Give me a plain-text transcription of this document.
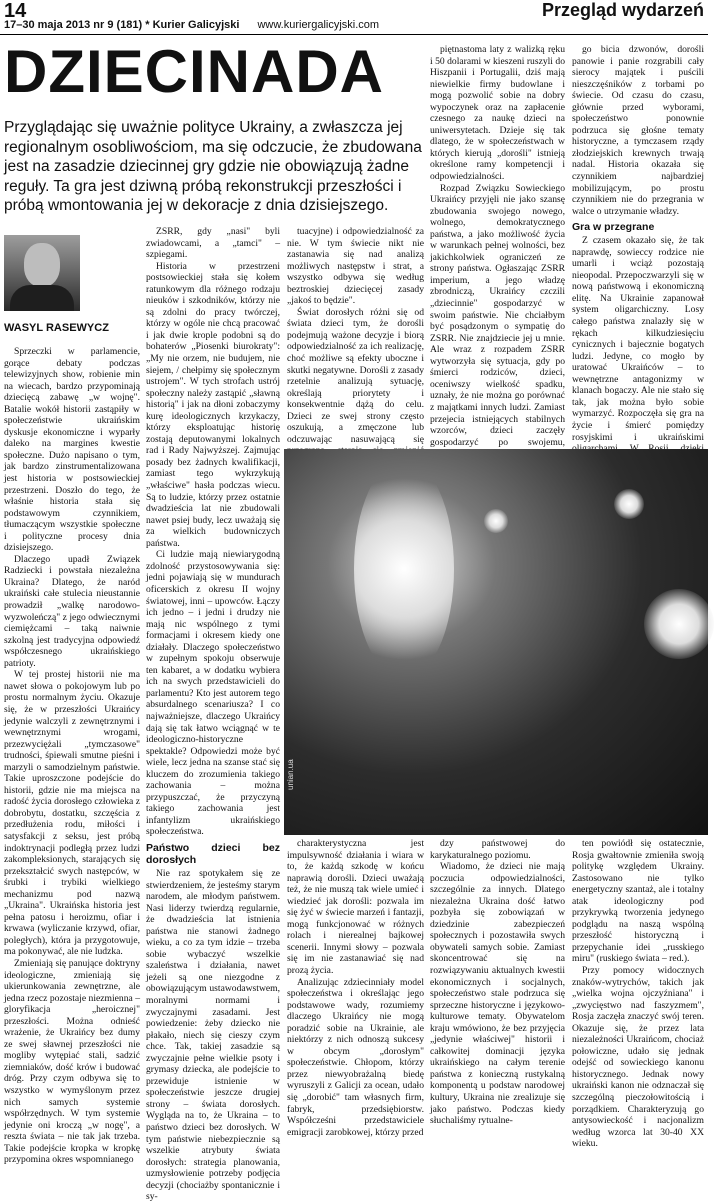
14
17–30 maja 2013 nr 9 (181) * Kurier Galicyjski www.kuriergalicyjski.com
Przegląd wydarzeń
DZIECINADA
Przyglądając się uważnie polityce Ukrainy, a zwłaszcza jej regionalnym osobliwościom, ma się odczucie, że zbudowana jest na zasadzie dziecinnej gry gdzie nie obowiązują żadne reguły. Ta gra jest dziwną próbą rekonstrukcji przeszłości i próbą wmontowania jej w dekoracje z dnia dzisiejszego.
WASYL RASEWYCZ

Sprzeczki w parlamencie, gorące debaty podczas telewizyjnych show, robienie min na wiecach, bardzo przypominają dziecięcą zabawę „w wojnę". Batalie wokół historii zastąpiły w społeczeństwie ukraińskim dyskusje ekonomiczne i wyparły daleko na margines kwestie społeczne. Dużo napisano o tym, jak bardzo zinstrumentalizowana jest historia w postsowieckiej przestrzeni. Doszło do tego, że właśnie historia stała się podstawowym czynnikiem, tłumaczącym wszystkie społeczne i polityczne procesy dnia dzisiejszego.

Dlaczego upadł Związek Radziecki i powstała niezależna Ukraina? Dlatego, że naród ukraiński całe stulecia nieustannie prowadził „walkę narodowo-wyzwoleńczą" z jego odwiecznymi ciemiężcami – taką naiwnie szkolną jest tradycyjna odpowiedź współczesnego ukraińskiego patrioty.

W tej prostej historii nie ma nawet słowa o pokojowym lub po prostu normalnym życiu. Okazuje się, że w przeszłości Ukraińcy jedynie walczyli z zewnętrznymi i wewnętrznymi wrogami, przezwyciężali „tymczasowe" trudności, śpiewali smutne pieśni i marzyli o samodzielnym państwie. Takie uproszczone podejście do historii, gdzie nie ma miejsca na radość życia dorosłego człowieka z dobrobytu, dostatku, szczęścia z przedłużenia rodu, miłości i satysfakcji z seksu, jest próbą indoktrynacji podległą przez ludzi zakompleksionych, starających się przekształcić swych następców, w śrubki i trybiki wielkiego mechanizmu pod nazwą „Ukraina". Ukraińska historia jest pełna patosu i heroizmu, ofiar i krwawa (wyliczanie krzywd, ofiar, poległych), która ja przygotowuje, ma pokonywać, ale nie ludzka.

Zmieniają się panujące doktryny ideologiczne, zmieniają się ukierunkowania zewnętrzne, ale jedna rzecz pozostaje niezmienna – gloryfikacja „heroicznej" przeszłości. Można odnieść wrażenie, że Ukraińcy bez dumy ze swej sławnej przeszłości nie mogliby wytępiać stali, sadzić ziemniaków, dość krów i budować dróg. Przy czym odbywa się to wszystko w wymyślonym przez nich samych systemie współrzędnych. W tym systemie jedynie oni kroczą „w nogę", a reszta świata – nie tak jak trzeba. Takie podejście kropka w kropkę przypomina okres wspomnianego

ZSRR, gdy „nasi" byli zwiadowcami, a „tamci" – szpiegami.

Historia w przestrzeni postsowieckiej stała się kołem ratunkowym dla różnego rodzaju nieuków i szkodników, którzy nie są zdolni do pracy twórczej, którzy w ogóle nie chcą pracować i jak dwie krople podobni są do bohaterów „Piosenki biurokraty": „My nie orzem, nie budujem, nie siejem, / chełpimy się społecznym ustrojem". W tych strofach ustrój społeczny należy zastąpić „sławną historią" i jak na dłoni zobaczymy kurę ideologicznych krzykaczy, którzy eksploatując historię zostają deputowanymi lokalnych rad i Rady Najwyższej. Zajmując posady bez żadnych kwalifikacji, zamiast tego wykrzykują „właściwe" hasła podczas wiecu. Są to ludzie, którzy przez ostatnie dwadzieścia lat nie zbudowali nawet psiej budy, lecz uważają się za wielkich budowniczych państwa.

Ci ludzie mają niewiarygodną zdolność przystosowywania się: jedni pojawiają się w mundurach oficerskich z okresu II wojny światowej, inni – upowców. Łączy ich jedno – i jedni i drudzy nie mają nic wspólnego z tymi formacjami i okresem kiedy one działały. Dlaczego społeczeństwo w zupełnym spokoju obserwuje ten kabaret, a w dodatku wybiera ich na swych przedstawicieli do parlamentu? Kto jest autorem tego absurdalnego scenariusza? I co najważniejsze, dlaczego Ukraińcy dają się tak łatwo wciągnąć w te ideologiczno-historyczne spektakle? Odpowiedzi może być wiele, lecz jedna na szanse stać się kluczem do zrozumienia takiego zachowania – można przypuszczać, że przyczyną takiego zachowania jest infantylizm ukraińskiego społeczeństwa.

Państwo dzieci bez dorosłych

Nie raz spotykałem się ze stwierdzeniem, że jesteśmy starym narodem, ale młodym państwem. Nasi liderzy twierdzą regularnie, że dwadzieścia lat istnienia państwa nie stanowi żadnego wieku, a co za tym idzie – trzeba sobie wybaczyć wszelkie szaleństwa i działania, nawet jeżeli są one niezgodne z obowiązującym ustawodawstwem, moralnymi normami i zwyczajnymi zasadami. Jest powiedzenie: żeby dziecko nie płakało, niech się cieszy czym chce. Tak, takiej zasadzie są zwyczajnie pełne wielkie psoty i grymasy dziecka, ale podejście to przewiduje istnienie w społeczeństwie jeszcze drugiej strony – świata dorosłych. Wygląda na to, że Ukraina – to państwo dzieci bez dorosłych. W tym państwie niebezpiecznie są wszelkie atrybuty świata dorosłych: strategia planowania, uzmysłowienie potrzeby podjęcia decyzji (chociażby spontanicznie i sy-

tuacyjne) i odpowiedzialność za nie. W tym świecie nikt nie zastanawia się nad analizą możliwych następstw i strat, a wszystko odbywa się według beztroskiej dziecięcej zasady „jakoś to będzie".

Świat dorosłych różni się od świata dzieci tym, że dorośli podejmują ważone decyzje i biorą odpowiedzialność za ich realizację, choć możliwe są efekty uboczne i skutki negatywne. Dorośli z zasady rzetelnie analizują sytuację, określają priorytety i konsekwentnie dążą do celu. Dzieci ze swej strony często oszukują, a zmęczone lub odczuwając nasuwającą się

charakterystyczna jest impulsywność działania i wiara w to, że każdą szkodę w końcu naprawią dorośli. Dzieci uważają też, że nie muszą tak wiele umieć i wiedzieć jak dorośli: pozwala im się żyć w świecie marzeń i fantazji, mogą funkcjonować w różnych rolach i nierealnej bajkowej scenerii. Innymi słowy – pozwala się im nie zastanawiać się nad prozą życia.

Analizując zdziecinniały model społeczeństwa i określając jego podstawowe wady, rozumiemy dlaczego Ukraińcy nie mogą poradzić sobie na Ukrainie, ale niektórzy z nich odnoszą sukcesy w obcym „dorosłym" społeczeństwie. Chłopom, którzy przez niewyobrażalną biedę wyruszyli z Galicji za ocean, udało się „dorobić" tam własnych firm, fabryk, przedsiębiorstw. Współcześni przedstawiciele emigracji zarobkowej, którzy przed

piętnastoma laty z walizką ręku i 50 dolarami w kieszeni ruszyli do Hiszpanii i Portugalii, dziś mają niewielkie firmy budowlane i mogą pozwolić sobie na dobry wypoczynek oraz na zapłacenie czesnego za naukę dzieci na uniwersytetach. Dzieje się tak dlatego, że w społeczeństwach w których kierują „dorośli" istnieją określone ramy kompetencji i odpowiedzialności.

Rozpad Związku Sowieckiego Ukraińcy przyjęli nie jako szansę zbudowania swojego nowego, wolnego, demokratycznego państwa, a jako możliwość życia w warunkach pełnej wolności, bez jakichkolwiek ograniczeń ze strony państwa. Ogłaszając ZSRR imperium, a jego władzę zbrodniczą, Ukraińcy czczili „dziecinnie" gospodarzyć w swoim państwie. Nie chciałbym być posądzonym o sympatię do ZSRR. Nie znajdziecie jej u mnie. Ale wraz z rozpadem ZSRR wytworzyła się sytuacja, gdy po śmierci rodziców, dzieci, oceniwszy wielkość spadku, uznały, że nie można go porównać z majątkami innych ludzi. Zamiast przejecia istniejących stabilnych wzorców, dzieci zaczęły gospodarzyć po swojemu,

dzy państwowej do karykaturalnego poziomu.

Wiadomo, że dzieci nie mają poczucia odpowiedzialności, szczególnie za innych. Dlatego niezależna Ukraina dość łatwo pozbyła się zobowiązań w dziedzinie zabezpieczeń społecznych i pozostawiła swych obywateli samych sobie. Zamiast skoncentrować się na rozwiązywaniu aktualnych kwestii ekonomicznych i socjalnych, społeczeństwo stale podrzuca się sprzeczne historyczne i językowo-kulturowe tematy. Obywatelom kraju wmówiono, że bez przyjęcia „jedynie właściwej" historii i całkowitej dominacji języka ukraińskiego na całym terenie państwa z konieczną rustykalną komponentą u podstaw narodowej kultury, Ukraina nie zrealizuje się jako państwo. Podczas kiedy słuchaliśmy rytualne-

go bicia dzwonów, dorośli panowie i panie rozgrabili cały sierocy majątek i puścili nieszczęśników z torbami po świecie. Od czasu do czasu, głównie przed wyborami, społeczeństwo ponownie podrzuca się głośne tematy historyczne, a tymczasem rządy złodziejskich krewnych trwają nadal. Historia okazała się czynnikiem najbardziej mobilizującym, po prostu czynnikiem nie do przegrania w walce o utrzymanie władzy.

Gra w przegrane

Z czasem okazało się, że tak naprawdę, sowieccy rodzice nie umarli i wciąż pozostają nieopodal. Przepoczwarzyli się w nową państwową i ekonomiczną elitę. Na Ukrainie zapanował system oligarchiczny. Losy całego państwa znalazły się w rękach kilkudziesięciu cynicznych i bajecznie bogatych ludzi. Jedyne, co mogło by uratować Ukraińców – to wewnętrzne antagonizmy w klanach bogaczy. Ale nie stało się tak, jak można było sobie wymarzyć. Rozpoczęła się gra na życie i śmierć pomiędzy rosyjskimi i ukraińskimi

ten powiódł się ostatecznie, Rosja gwałtownie zmieniła swoją politykę względem Ukrainy. Zastosowano nie tylko energetyczny szantaż, ale i totalny atak ideologiczny pod przykrywką tworzenia jedynego podglądu na naszą wspólną przeszłość historyczną i przepychanie idei „russkiego miru" (ruskiego świata – red.).

Przy pomocy widocznych znaków-wytrychów, takich jak „wielka wojna ojczyźniana" i „zwycięstwo nad faszyzmem", Rosja zaczęła znaczyć swój teren. Okazuje się, że przez lata niezależności Ukraińcom, chociaż połowiczne, udało się jednak odejść od sowieckiego kanonu historycznego. Jednak nowy ukraiński kanon nie odznaczał się szczególną pieczołowitością i porządkiem. Charakteryzują go antysowieckość i nacjonalizm według wzorca lat 30-40 XX wieku.

unian.ua
